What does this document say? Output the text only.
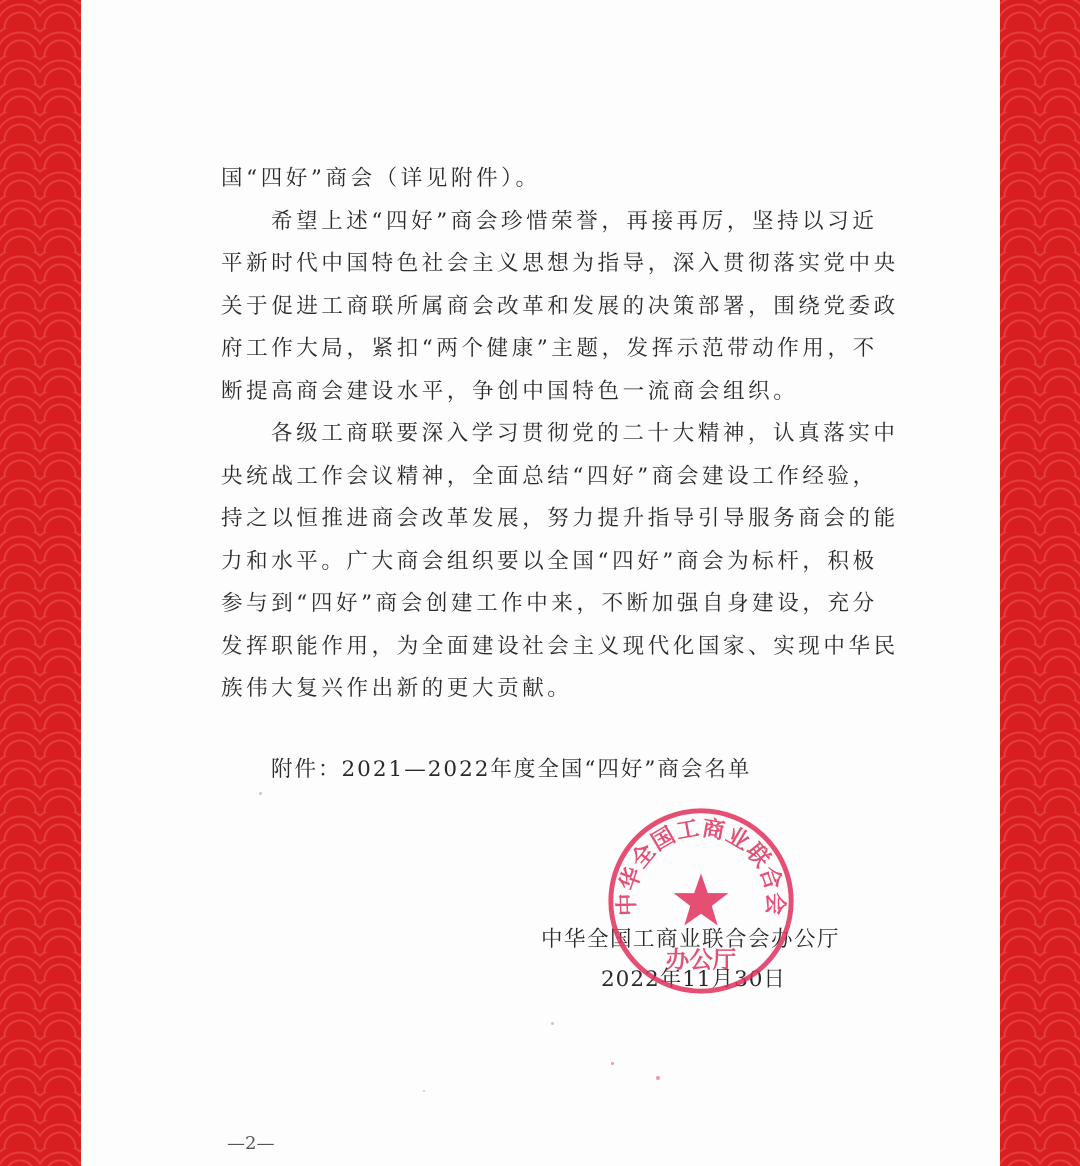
国“四好”商会（详见附件）。
希望上述“四好”商会珍惜荣誉，再接再厉，坚持以习近
平新时代中国特色社会主义思想为指导，深入贯彻落实党中央
关于促进工商联所属商会改革和发展的决策部署，围绕党委政
府工作大局，紧扣“两个健康”主题，发挥示范带动作用，不
断提高商会建设水平，争创中国特色一流商会组织。
各级工商联要深入学习贯彻党的二十大精神，认真落实中
央统战工作会议精神，全面总结“四好”商会建设工作经验，
持之以恒推进商会改革发展，努力提升指导引导服务商会的能
力和水平。广大商会组织要以全国“四好”商会为标杆，积极
参与到“四好”商会创建工作中来，不断加强自身建设，充分
发挥职能作用，为全面建设社会主义现代化国家、实现中华民
族伟大复兴作出新的更大贡献。
附件：2021—2022年度全国“四好”商会名单
中华全国工商业联合会办公厅
2022年11月30日
中华全国工商业联合会
办公厅
—2—
